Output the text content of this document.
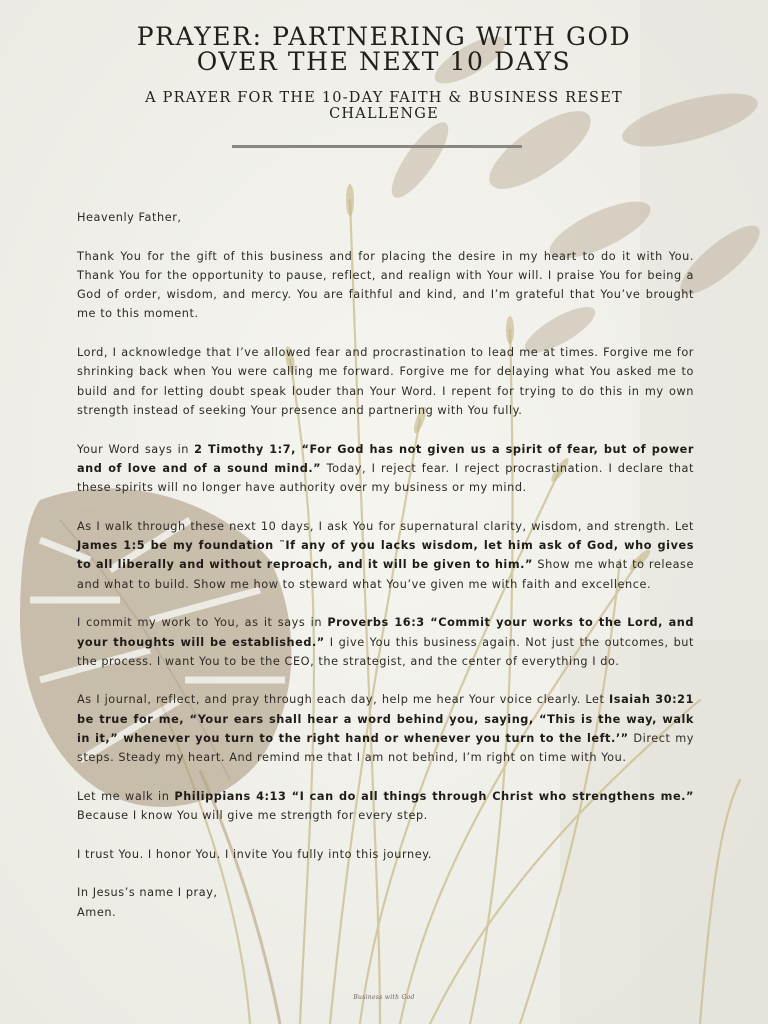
PRAYER: PARTNERING WITH GOD
OVER THE NEXT 10 DAYS
A PRAYER FOR THE 10-DAY FAITH & BUSINESS RESET
CHALLENGE

Heavenly Father,

Thank You for the gift of this business and for placing the desire in my heart to do it with You. Thank You for the opportunity to pause, reflect, and realign with Your will. I praise You for being a God of order, wisdom, and mercy. You are faithful and kind, and I’m grateful that You’ve brought me to this moment.

Lord, I acknowledge that I’ve allowed fear and procrastination to lead me at times. Forgive me for shrinking back when You were calling me forward. Forgive me for delaying what You asked me to build and for letting doubt speak louder than Your Word. I repent for trying to do this in my own strength instead of seeking Your presence and partnering with You fully.

Your Word says in 2 Timothy 1:7, “For God has not given us a spirit of fear, but of power and of love and of a sound mind.” Today, I reject fear. I reject procrastination. I declare that these spirits will no longer have authority over my business or my mind.

As I walk through these next 10 days, I ask You for supernatural clarity, wisdom, and strength. Let James 1:5 be my foundation ¨If any of you lacks wisdom, let him ask of God, who gives to all liberally and without reproach, and it will be given to him.” Show me what to release and what to build. Show me how to steward what You’ve given me with faith and excellence.

I commit my work to You, as it says in Proverbs 16:3 “Commit your works to the Lord, and your thoughts will be established.” I give You this business again. Not just the outcomes, but the process. I want You to be the CEO, the strategist, and the center of everything I do.

As I journal, reflect, and pray through each day, help me hear Your voice clearly. Let Isaiah 30:21 be true for me, “Your ears shall hear a word behind you, saying, “This is the way, walk in it,” whenever you turn to the right hand or whenever you turn to the left.’” Direct my steps. Steady my heart. And remind me that I am not behind, I’m right on time with You.

Let me walk in Philippians 4:13 “I can do all things through Christ who strengthens me.” Because I know You will give me strength for every step.

I trust You. I honor You. I invite You fully into this journey.

In Jesus’s name I pray,

Amen.

Business with God
